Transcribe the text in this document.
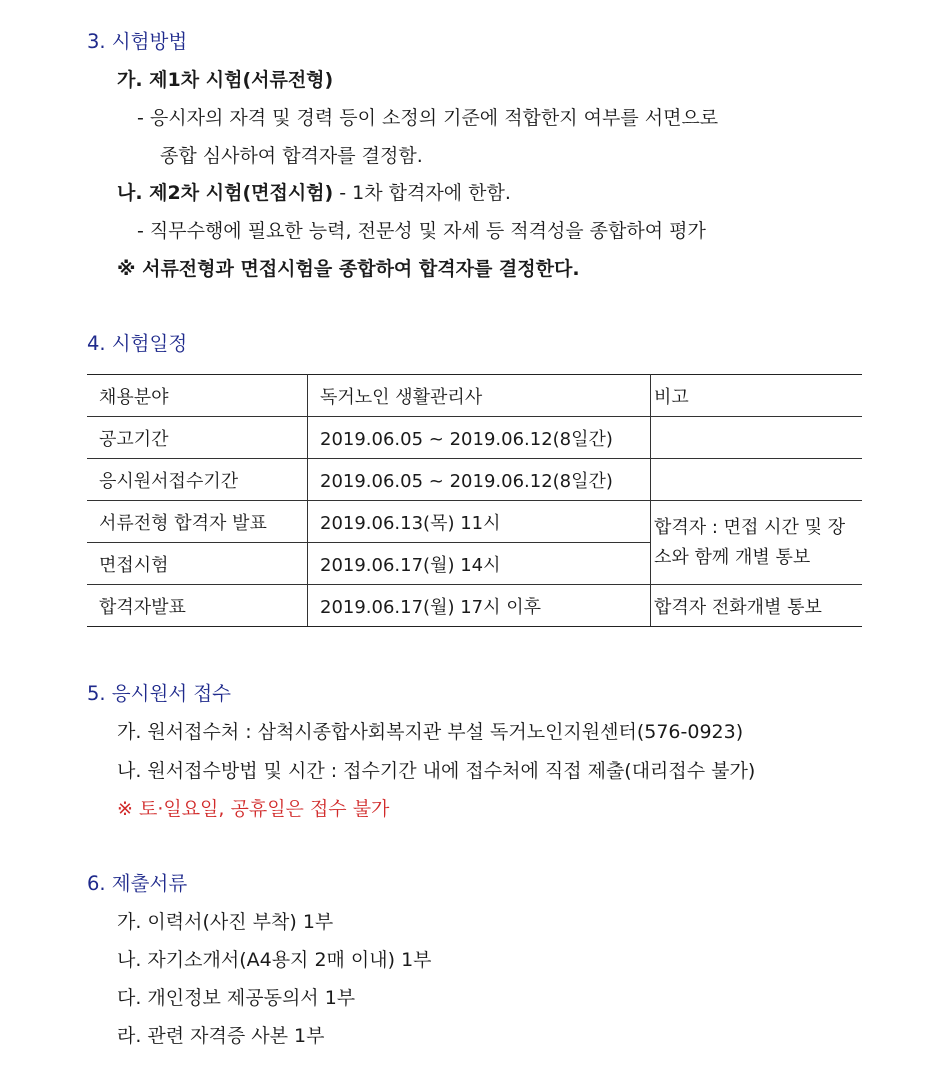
3. 시험방법
가. 제1차 시험(서류전형)
- 응시자의 자격 및 경력 등이 소정의 기준에 적합한지 여부를 서면으로
종합 심사하여 합격자를 결정함.
나. 제2차 시험(면접시험) - 1차 합격자에 한함.
- 직무수행에 필요한 능력, 전문성 및 자세 등 적격성을 종합하여 평가
※ 서류전형과 면접시험을 종합하여 합격자를 결정한다.
4. 시험일정
채용분야	독거노인 생활관리사	비고
공고기간	2019.06.05 ~ 2019.06.12(8일간)	
응시원서접수기간	2019.06.05 ~ 2019.06.12(8일간)	
서류전형 합격자 발표	2019.06.13(목) 11시	합격자 : 면접 시간 및 장소와 함께 개별 통보
면접시험	2019.06.17(월) 14시	
합격자발표	2019.06.17(월) 17시 이후	합격자 전화개별 통보
5. 응시원서 접수
가. 원서접수처 : 삼척시종합사회복지관 부설 독거노인지원센터(576-0923)
나. 원서접수방법 및 시간 : 접수기간 내에 접수처에 직접 제출(대리접수 불가)
※ 토·일요일, 공휴일은 접수 불가
6. 제출서류
가. 이력서(사진 부착) 1부
나. 자기소개서(A4용지 2매 이내) 1부
다. 개인정보 제공동의서 1부
라. 관련 자격증 사본 1부
